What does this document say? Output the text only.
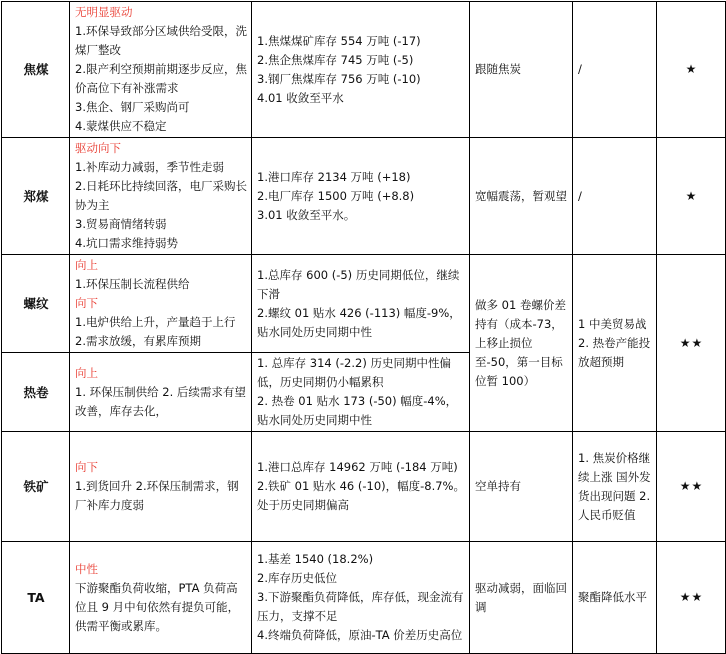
焦煤	无明显驱动
1.环保导致部分区域供给受限，洗煤厂整改
2.限产利空预期前期逐步反应，焦价高位下有补涨需求
3.焦企、钢厂采购尚可
4.蒙煤供应不稳定	1.焦煤煤矿库存 554 万吨 (-17)
2.焦企焦煤库存 745 万吨 (-5)
3.钢厂焦煤库存 756 万吨 (-10)
4.01 收敛至平水	跟随焦炭	/	★
郑煤	驱动向下
1.补库动力减弱，季节性走弱
2.日耗环比持续回落，电厂采购长协为主
3.贸易商情绪转弱
4.坑口需求维持弱势	1.港口库存 2134 万吨 (+18)
2.电厂库存 1500 万吨 (+8.8)
3.01 收敛至平水。	宽幅震荡，暂观望	/	★
螺纹	向上
1.环保压制长流程供给
向下
1.电炉供给上升，产量趋于上行 2.需求放缓，有累库预期	1.总库存 600 (-5) 历史同期低位，继续下滑
2.螺纹 01 贴水 426 (-113) 幅度-9%，贴水同处历史同期中性	做多 01 卷螺价差持有（成本-73，上移止损位至-50，第一目标位暂 100）	1 中美贸易战 2. 热卷产能投放超预期	★★
热卷	向上
1. 环保压制供给 2. 后续需求有望改善，库存去化，	1. 总库存 314 (-2.2) 历史同期中性偏低，历史同期仍小幅累积
2. 热卷 01 贴水 173 (-50) 幅度-4%，贴水同处历史同期中性			

铁矿	向下
1.到货回升 2.环保压制需求，钢厂补库力度弱	1.港口总库存 14962 万吨 (-184 万吨)
2.铁矿 01 贴水 46 (-10)，幅度-8.7%。处于历史同期偏高	空单持有	1. 焦炭价格继续上涨 国外发货出现问题 2. 人民币贬值	★★
TA	中性
下游聚酯负荷收缩，PTA 负荷高位且 9 月中旬依然有提负可能，供需平衡或累库。	1.基差 1540 (18.2%)
2.库存历史低位
3.下游聚酯负荷降低，库存低，现金流有压力，支撑不足
4.终端负荷降低，原油-TA 价差历史高位	驱动减弱，面临回调	聚酯降低水平	★★
